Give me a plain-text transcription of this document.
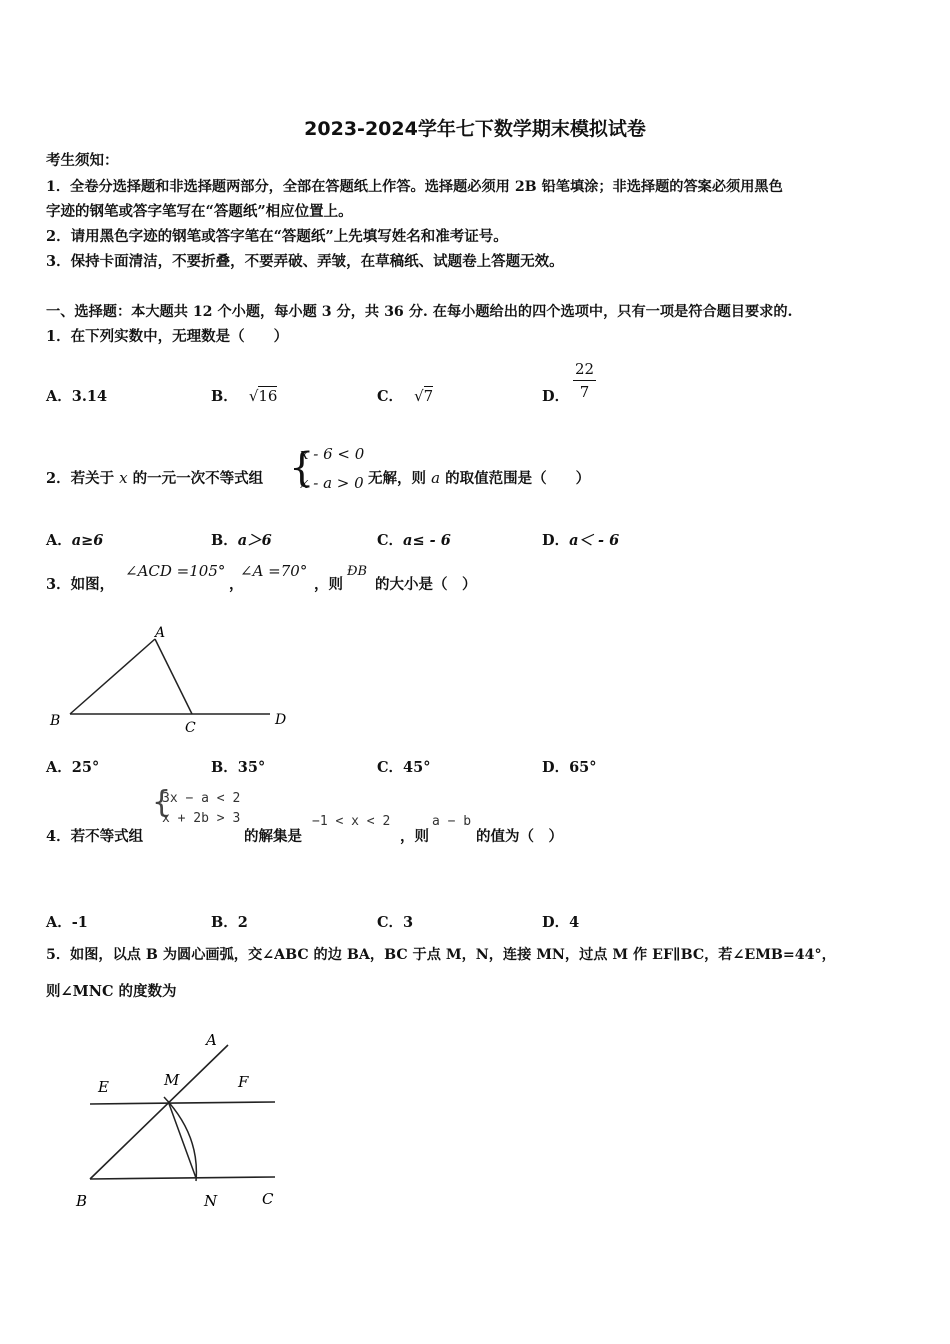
2023-2024学年七下数学期末模拟试卷
考生须知：
1．全卷分选择题和非选择题两部分，全部在答题纸上作答。选择题必须用 2B 铅笔填涂；非选择题的答案必须用黑色
字迹的钢笔或答字笔写在“答题纸”相应位置上。
2．请用黑色字迹的钢笔或答字笔在“答题纸”上先填写姓名和准考证号。
3．保持卡面清洁，不要折叠，不要弄破、弄皱，在草稿纸、试题卷上答题无效。
一、选择题：本大题共 12 个小题，每小题 3 分，共 36 分. 在每小题给出的四个选项中，只有一项是符合题目要求的.
1．在下列实数中，无理数是（　　）
A．3.14	B． √16	C． √7	D． $\frac{22}{7}$
2．若关于 x 的一元一次不等式组 {
x - 6 < 0
x - a > 0 无解，则 a 的取值范围是（　　）
A．a≥6	B．a＞6	C．a≤ - 6	D．a＜ - 6
3．如图，
∠ACD =105°
，
∠A =70°
，则
ÐB
的大小是（　）
A
B	C	D
A．25°	B．35°	C．45°	D．65°
4．若不等式组
{
3x − a < 2
x + 2b > 3
的解集是
−1 < x < 2
，则
a − b
的值为（　）
A．-1	B．2	C．3	D．4
5．如图，以点 B 为圆心画弧，交∠ABC 的边 BA，BC 于点 M，N，连接 MN，过点 M 作 EF∥BC，若∠EMB=44°，
则∠MNC 的度数为
A
E	M	F
B	N	C
